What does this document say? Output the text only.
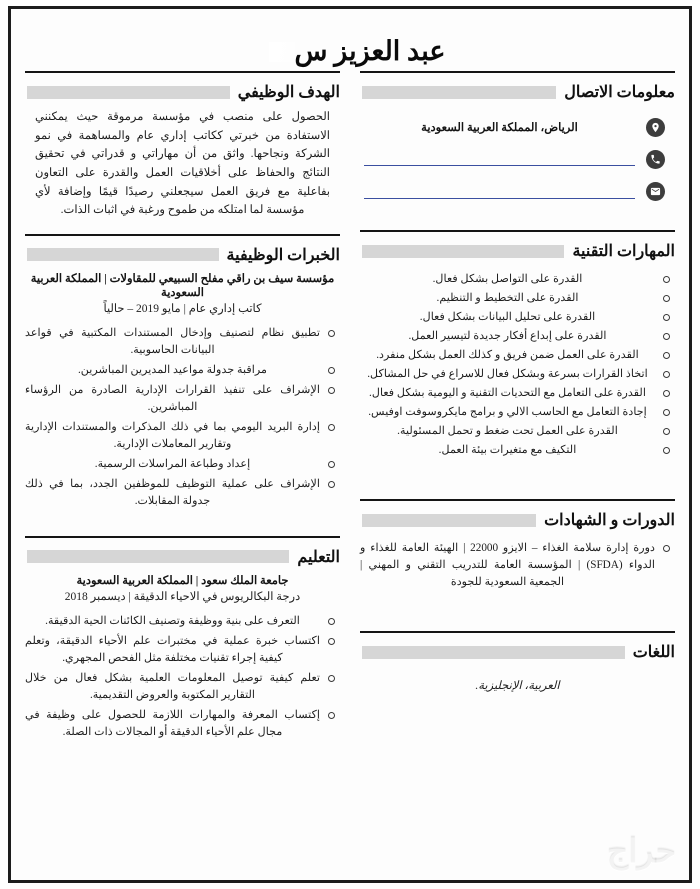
عبد العزيز س
معلومات الاتصال
الرياض، المملكة العربية السعودية
المهارات التقنية
القدرة على التواصل بشكل فعال.
القدرة على التخطيط و التنظيم.
القدرة على تحليل البيانات بشكل فعال.
القدرة على إبداع أفكار جديدة لتيسير العمل.
القدرة على العمل ضمن فريق و كذلك العمل بشكل منفرد.
اتخاذ القرارات بسرعة وبشكل فعال للاسراع في حل المشاكل.
القدرة على التعامل مع التحديات التقنية و اليومية بشكل فعال.
إجادة التعامل مع الحاسب الالي و برامج مايكروسوفت اوفيس.
القدرة على العمل تحت ضغط و تحمل المسئولية.
التكيف مع متغيرات بيئة العمل.
الدورات و الشهادات
دورة إدارة سلامة الغذاء – الايزو 22000 | الهيئة العامة للغذاء و الدواء (SFDA) | المؤسسة العامة للتدريب التقني و المهني | الجمعية السعودية للجودة
اللغات
العربية، الإنجليزية.
الهدف الوظيفي
الحصول على منصب في مؤسسة مرموقة حيث يمكنني الاستفادة من خبرتي ككاتب إداري عام والمساهمة في نمو الشركة ونجاحها. واثق من أن مهاراتي و قدراتي في تحقيق النتائج والحفاظ على أخلاقيات العمل والقدرة على التعاون بفاعلية مع فريق العمل سيجعلني رصيدًا قيمًا وإضافة لأي مؤسسة لما امتلكه من طموح ورغبة في اثبات الذات.
الخبرات الوظيفية
مؤسسة سيف بن راقي مفلح السبيعي للمقاولات | المملكة العربية السعودية
كاتب إداري عام | مايو 2019 – حالياً
تطبيق نظام لتصنيف وإدخال المستندات المكتبية في قواعد البيانات الحاسوبية.
مراقبة جدولة مواعيد المديرين المباشرين.
الإشراف على تنفيذ القرارات الإدارية الصادرة من الرؤساء المباشرين.
إدارة البريد اليومي بما في ذلك المذكرات والمستندات الإدارية وتقارير المعاملات الإدارية.
إعداد وطباعة المراسلات الرسمية.
الإشراف على عملية التوظيف للموظفين الجدد، بما في ذلك جدولة المقابلات.
التعليم
جامعة الملك سعود | المملكة العربية السعودية
درجة البكالريوس في الاحياء الدقيقة | ديسمبر 2018
التعرف على بنية ووظيفة وتصنيف الكائنات الحية الدقيقة.
اكتساب خبرة عملية في مختبرات علم الأحياء الدقيقة، وتعلم كيفية إجراء تقنيات مختلفة مثل الفحص المجهري.
تعلم كيفية توصيل المعلومات العلمية بشكل فعال من خلال التقارير المكتوبة والعروض التقديمية.
إكتساب المعرفة والمهارات اللازمة للحصول على وظيفة في مجال علم الأحياء الدقيقة أو المجالات ذات الصلة.
